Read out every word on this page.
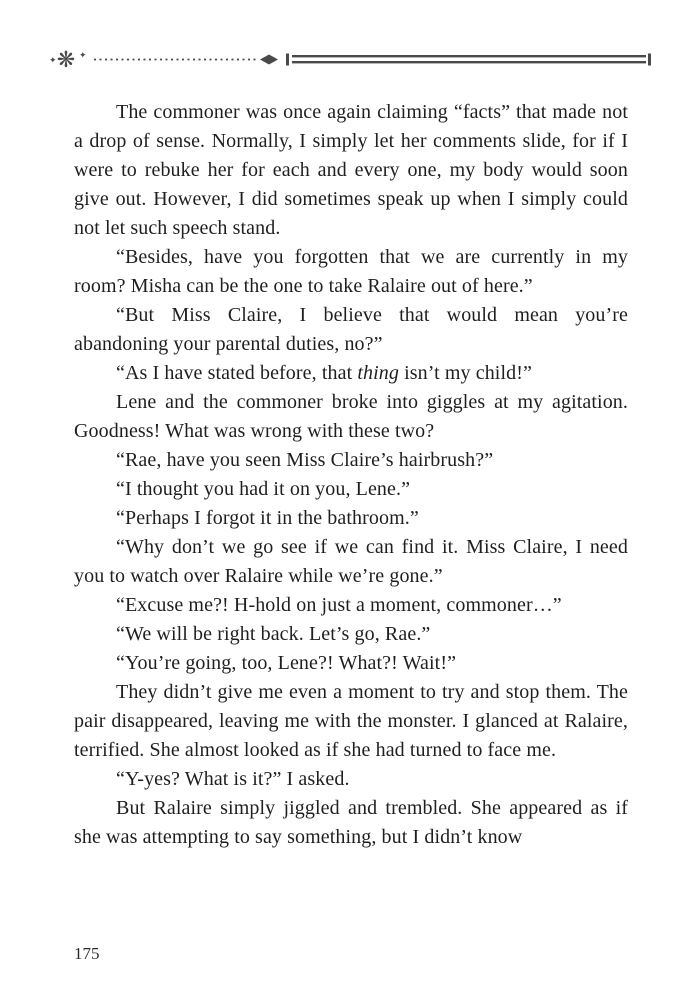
✦ ❋ ✦

The commoner was once again claiming “facts” that made not a drop of sense. Normally, I simply let her comments slide, for if I were to rebuke her for each and every one, my body would soon give out. However, I did sometimes speak up when I simply could not let such speech stand.

“Besides, have you forgotten that we are currently in my room? Misha can be the one to take Ralaire out of here.”

“But Miss Claire, I believe that would mean you’re abandoning your parental duties, no?”

“As I have stated before, that thing isn’t my child!”

Lene and the commoner broke into giggles at my agitation. Goodness! What was wrong with these two?

“Rae, have you seen Miss Claire’s hairbrush?”

“I thought you had it on you, Lene.”

“Perhaps I forgot it in the bathroom.”

“Why don’t we go see if we can find it. Miss Claire, I need you to watch over Ralaire while we’re gone.”

“Excuse me?! H-hold on just a moment, commoner…”

“We will be right back. Let’s go, Rae.”

“You’re going, too, Lene?! What?! Wait!”

They didn’t give me even a moment to try and stop them. The pair disappeared, leaving me with the monster. I glanced at Ralaire, terrified. She almost looked as if she had turned to face me.

“Y-yes? What is it?” I asked.

But Ralaire simply jiggled and trembled. She appeared as if she was attempting to say something, but I didn’t know

175
